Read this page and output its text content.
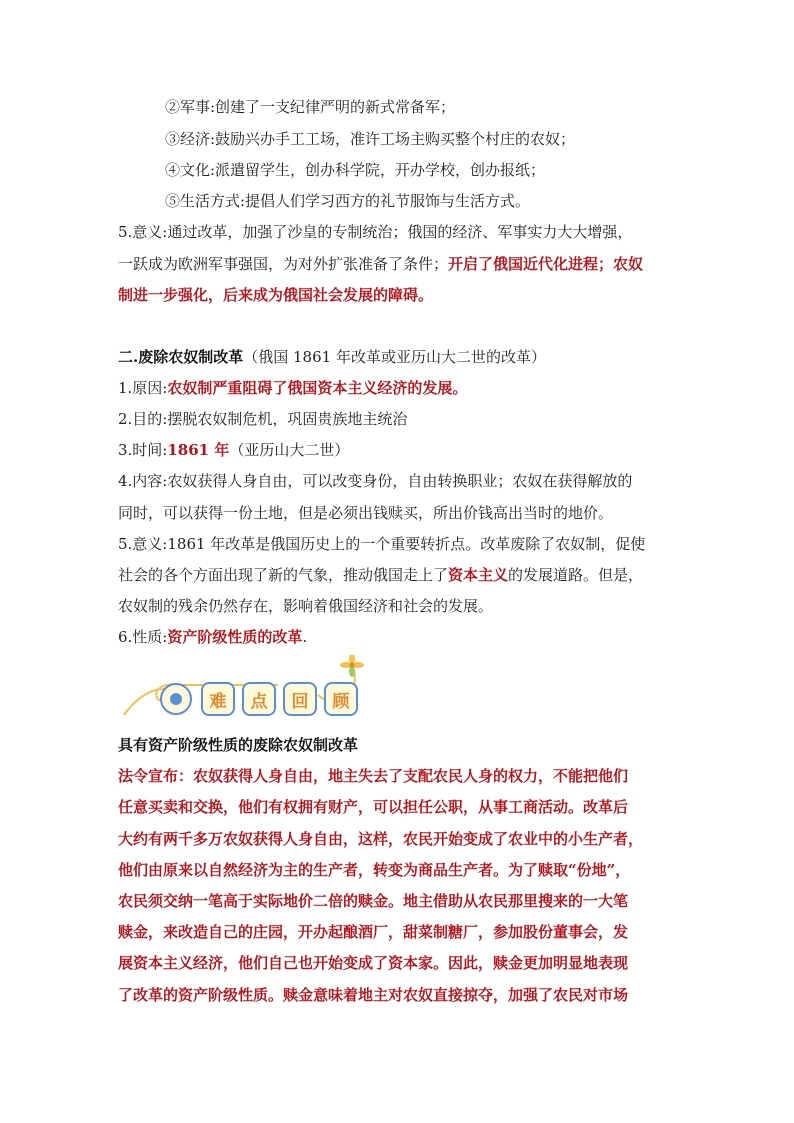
②军事:创建了一支纪律严明的新式常备军；
③经济:鼓励兴办手工工场，准许工场主购买整个村庄的农奴；
④文化:派遣留学生，创办科学院，开办学校，创办报纸；
⑤生活方式:提倡人们学习西方的礼节服饰与生活方式。
5.意义:通过改革，加强了沙皇的专制统治；俄国的经济、军事实力大大增强，
一跃成为欧洲军事强国，为对外扩张准备了条件；开启了俄国近代化进程；农奴
制进一步强化，后来成为俄国社会发展的障碍。
二.废除农奴制改革（俄国 1861 年改革或亚历山大二世的改革）
1.原因:农奴制严重阻碍了俄国资本主义经济的发展。
2.目的:摆脱农奴制危机，巩固贵族地主统治
3.时间:1861 年（亚历山大二世）
4.内容:农奴获得人身自由，可以改变身份，自由转换职业；农奴在获得解放的
同时，可以获得一份土地，但是必须出钱赎买，所出价钱高出当时的地价。
5.意义:1861 年改革是俄国历史上的一个重要转折点。改革废除了农奴制，促使
社会的各个方面出现了新的气象，推动俄国走上了资本主义的发展道路。但是，
农奴制的残余仍然存在，影响着俄国经济和社会的发展。
6.性质:资产阶级性质的改革.
难	点	回	顾
具有资产阶级性质的废除农奴制改革
法令宣布：农奴获得人身自由，地主失去了支配农民人身的权力，不能把他们
任意买卖和交换，他们有权拥有财产，可以担任公职，从事工商活动。改革后
大约有两千多万农奴获得人身自由，这样，农民开始变成了农业中的小生产者，
他们由原来以自然经济为主的生产者，转变为商品生产者。为了赎取“份地”，
农民须交纳一笔高于实际地价二倍的赎金。地主借助从农民那里搜来的一大笔
赎金，来改造自己的庄园，开办起酿酒厂，甜菜制糖厂，参加股份董事会，发
展资本主义经济，他们自己也开始变成了资本家。因此，赎金更加明显地表现
了改革的资产阶级性质。赎金意味着地主对农奴直接掠夺，加强了农民对市场
